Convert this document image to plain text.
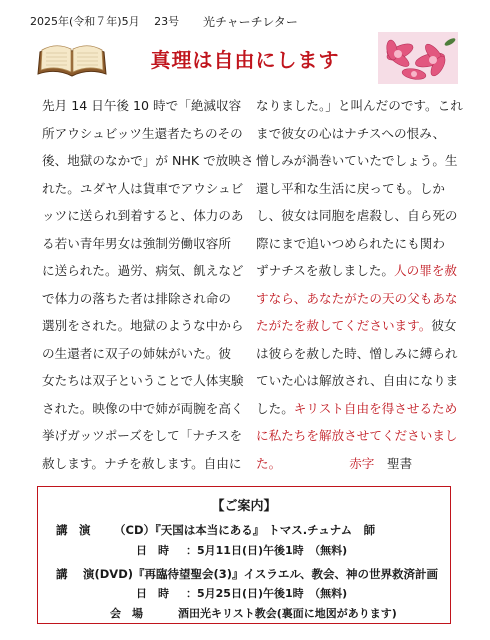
2025年(令和７年)5月　 23号 光チャーチレター
真理は自由にします
先月 14 日午後 10 時で「絶滅収容
所アウシュビッツ生還者たちのその
後、地獄のなかで」が NHK で放映さ
れた。ユダヤ人は貨車でアウシュビ
ッツに送られ到着すると、体力のあ
る若い青年男女は強制労働収容所
に送られた。過労、病気、飢えなど
で体力の落ちた者は排除され命の
選別をされた。地獄のような中から
の生還者に双子の姉妹がいた。彼
女たちは双子ということで人体実験
された。映像の中で姉が両腕を高く
挙げガッツポーズをして「ナチスを
赦します。ナチを赦します。自由に
なりました。」と叫んだのです。これ
まで彼女の心はナチスへの恨み、
憎しみが渦巻いていたでしょう。生
還し平和な生活に戻っても。しか
し、彼女は同胞を虐殺し、自ら死の
際にまで追いつめられたにも関わ
ずナチスを赦しました。人の罪を赦
すなら、あなたがたの天の父もあな
たがたを赦してくださいます。彼女
は彼らを赦した時、憎しみに縛られ
ていた心は解放され、自由になりま
した。キリスト自由を得させるため
に私たちを解放させてくださいまし
た。	赤字　 聖書
【ご案内】
講　演 （CD）『天国は本当にある』 トマス.チュナム　師
日　時 ：5月11日(日)午後1時　（無料)
講 演(DVD)『再臨待望聖会(3)』イスラエル、教会、神の世界救済計画
日　時 ：5月25日(日)午後1時　（無料)
会　場	酒田光キリスト教会(裏面に地図があります)
